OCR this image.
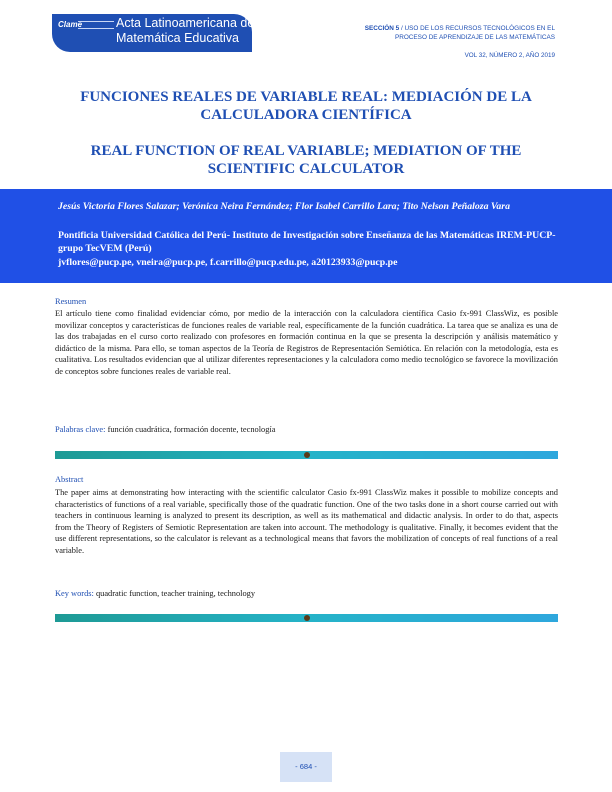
Clame	Acta Latinoamericana de
Matemática Educativa
SECCIÓN 5 / USO DE LOS RECURSOS TECNOLÓGICOS EN EL PROCESO DE APRENDIZAJE DE LAS MATEMÁTICAS
VOL 32, NÚMERO 2, AÑO 2019
FUNCIONES REALES DE VARIABLE REAL: MEDIACIÓN DE LA CALCULADORA CIENTÍFICA
REAL FUNCTION OF REAL VARIABLE; MEDIATION OF THE SCIENTIFIC CALCULATOR
Jesús Victoria Flores Salazar; Verónica Neira Fernández; Flor Isabel Carrillo Lara; Tito Nelson Peñaloza Vara
Pontificia Universidad Católica del Perú- Instituto de Investigación sobre Enseñanza de las Matemáticas IREM-PUCP-grupo TecVEM (Perú)
jvflores@pucp.pe, vneira@pucp.pe, f.carrillo@pucp.edu.pe, a20123933@pucp.pe
Resumen
El artículo tiene como finalidad evidenciar cómo, por medio de la interacción con la calculadora científica Casio fx-991 ClassWiz, es posible movilizar conceptos y características de funciones reales de variable real, específicamente de la función cuadrática. La tarea que se analiza es una de las dos trabajadas en el curso corto realizado con profesores en formación continua en la que se presenta la descripción y análisis matemático y didáctico de la misma. Para ello, se toman aspectos de la Teoría de Registros de Representación Semiótica. En relación con la metodología, esta es cualitativa. Los resultados evidencian que al utilizar diferentes representaciones y la calculadora como medio tecnológico se favorece la movilización de conceptos sobre funciones reales de variable real.
Palabras clave: función cuadrática, formación docente, tecnología
Abstract
The paper aims at demonstrating how interacting with the scientific calculator Casio fx-991 ClassWiz makes it possible to mobilize concepts and characteristics of functions of a real variable, specifically those of the quadratic function. One of the two tasks done in a short course carried out with teachers in continuous learning is analyzed to present its description, as well as its mathematical and didactic analysis. In order to do that, aspects from the Theory of Registers of Semiotic Representation are taken into account. The methodology is qualitative. Finally, it becomes evident that the use different representations, so the calculator is relevant as a technological means that favors the mobilization of concepts of real functions of a real variable.
Key words: quadratic function, teacher training, technology
- 684 -
